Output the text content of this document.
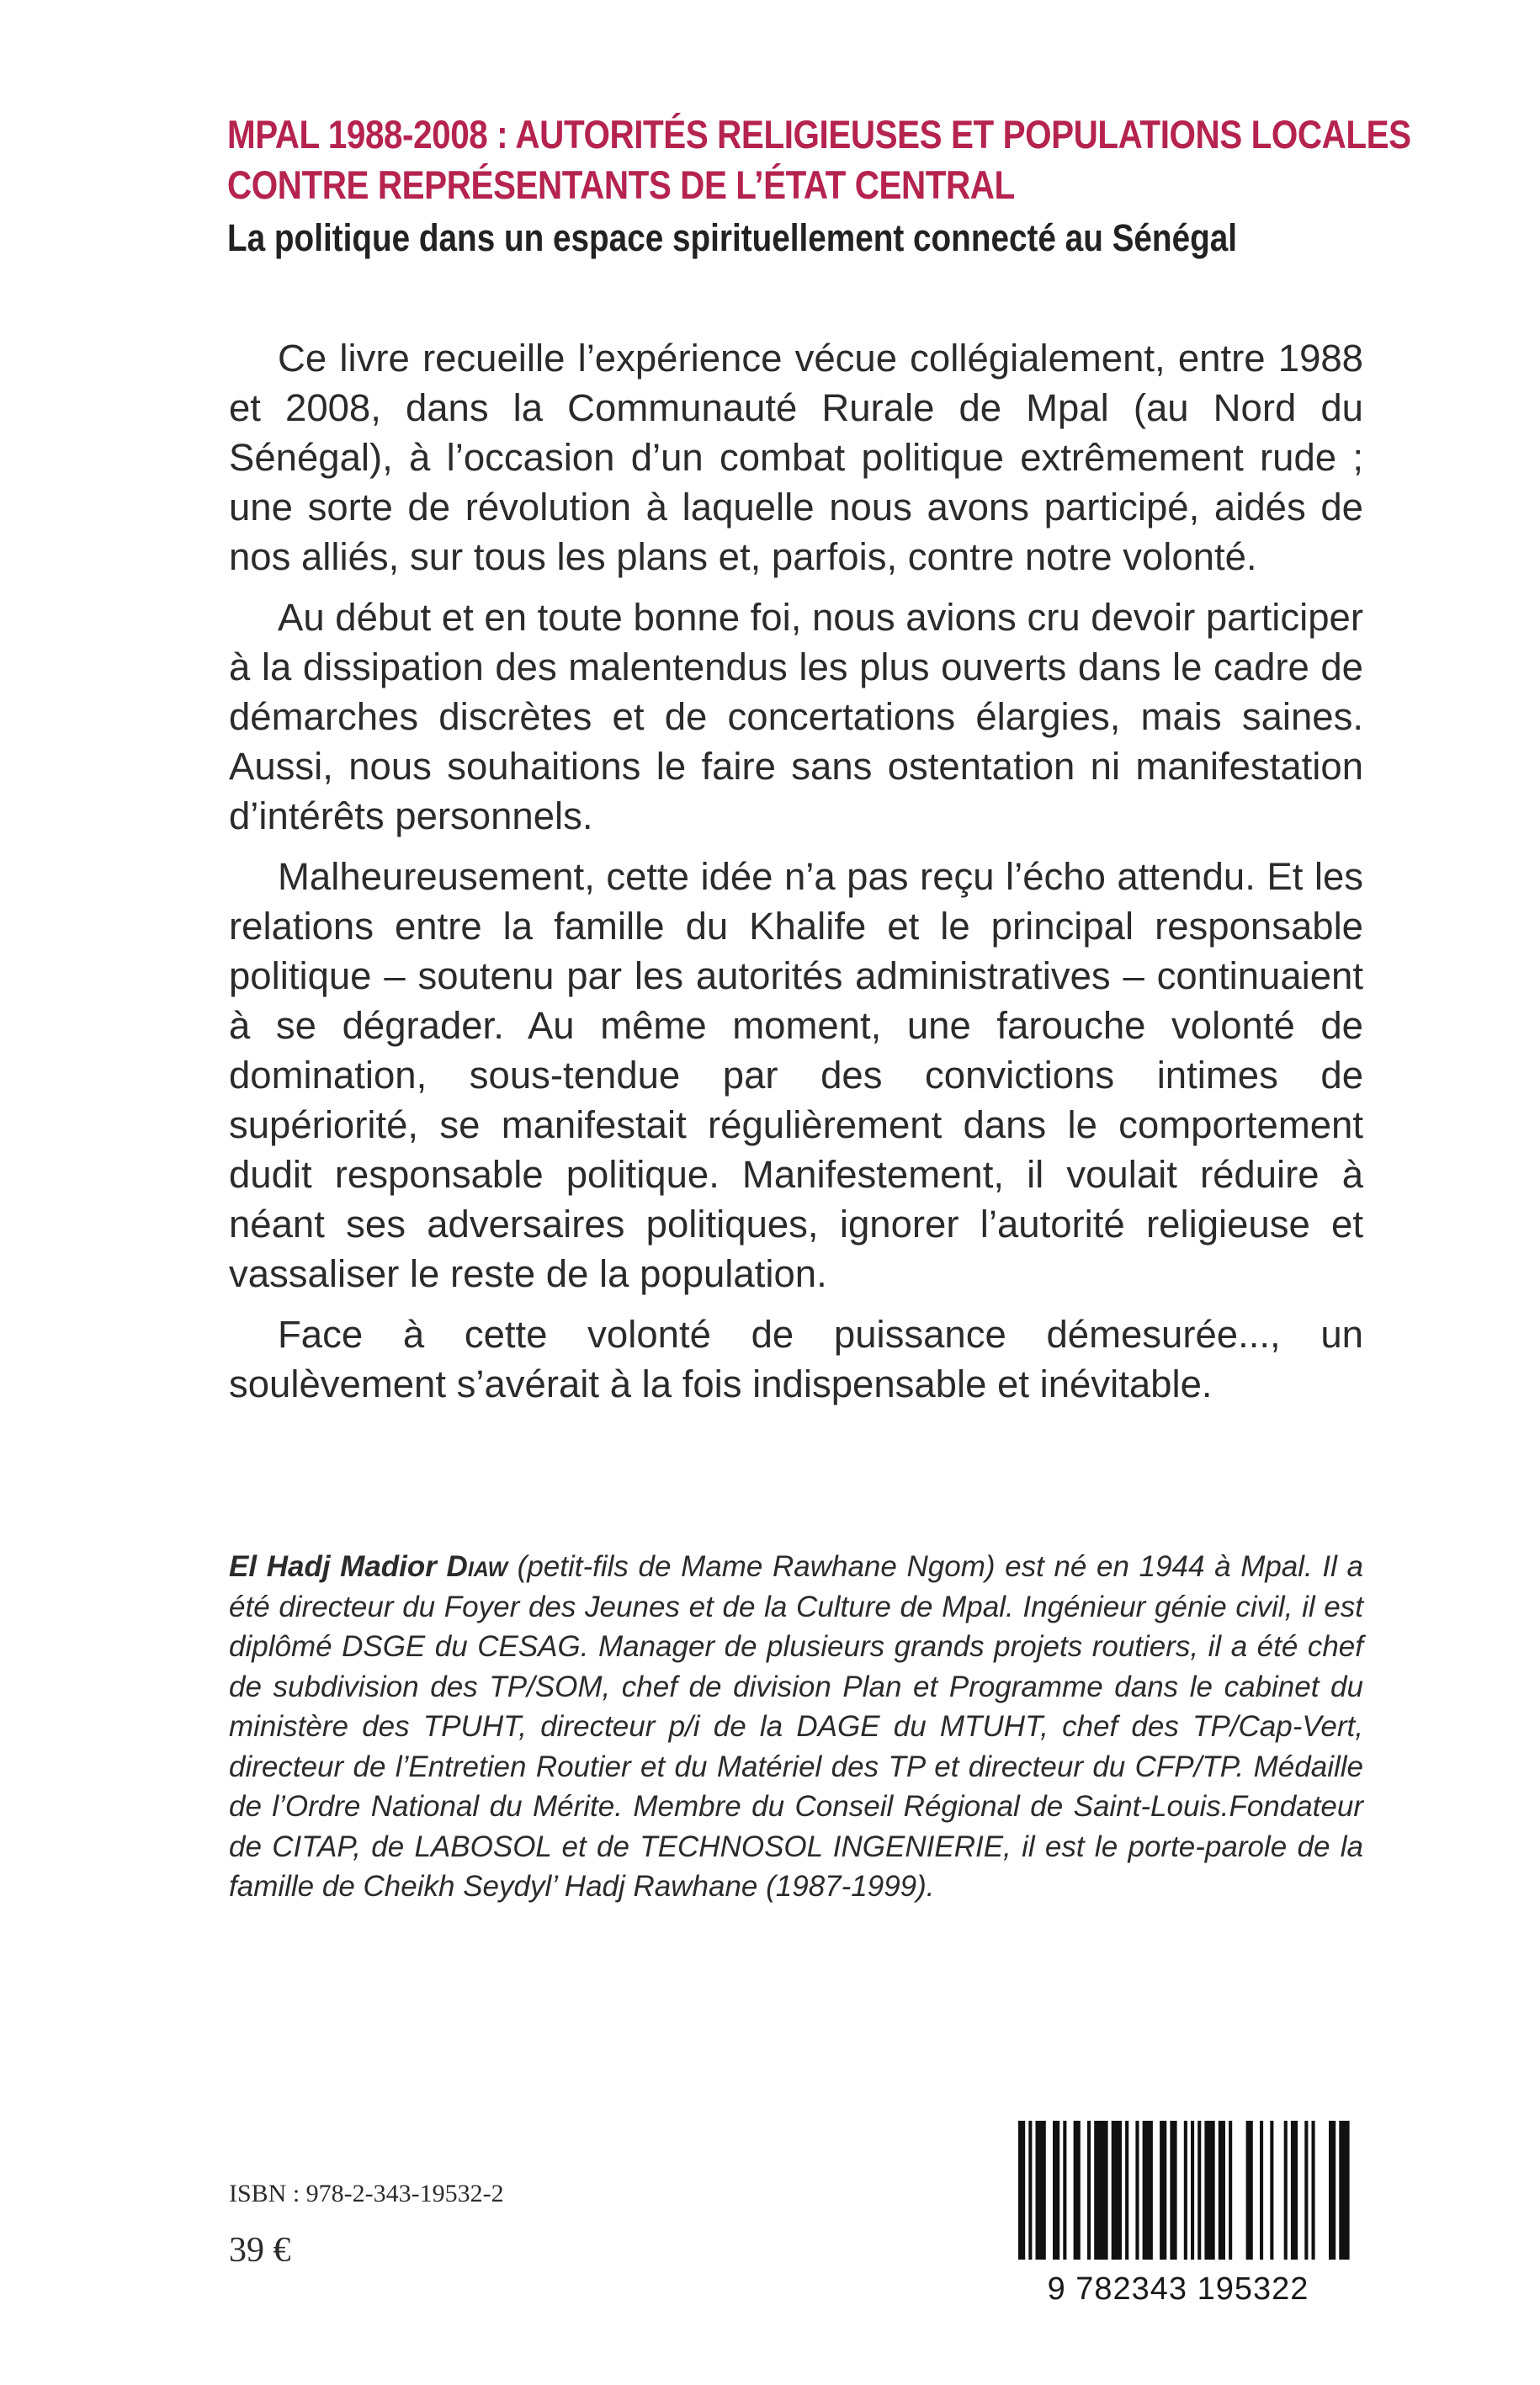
MPAL 1988-2008 : AUTORITÉS RELIGIEUSES ET POPULATIONS LOCALES
CONTRE REPRÉSENTANTS DE L’ÉTAT CENTRAL
La politique dans un espace spirituellement connecté au Sénégal

Ce livre recueille l’expérience vécue collégialement, entre 1988 et 2008, dans la Communauté Rurale de Mpal (au Nord du Sénégal), à l’occasion d’un combat politique extrêmement rude ; une sorte de révolution à laquelle nous avons participé, aidés de nos alliés, sur tous les plans et, parfois, contre notre volonté.

Au début et en toute bonne foi, nous avions cru devoir participer à la dissipation des malentendus les plus ouverts dans le cadre de démarches discrètes et de concertations élargies, mais saines. Aussi, nous souhaitions le faire sans ostentation ni manifestation d’intérêts personnels.

Malheureusement, cette idée n’a pas reçu l’écho attendu. Et les relations entre la famille du Khalife et le principal responsable politique – soutenu par les autorités administratives – continuaient à se dégrader. Au même moment, une farouche volonté de domination, sous-tendue par des convictions intimes de supériorité, se manifestait régulièrement dans le comportement dudit responsable politique. Manifestement, il voulait réduire à néant ses adversaires politiques, ignorer l’autorité religieuse et vassaliser le reste de la population.

Face à cette volonté de puissance démesurée..., un soulèvement s’avérait à la fois indispensable et inévitable.

El Hadj Madior Diaw (petit-fils de Mame Rawhane Ngom) est né en 1944 à Mpal. Il a été directeur du Foyer des Jeunes et de la Culture de Mpal. Ingénieur génie civil, il est diplômé DSGE du CESAG. Manager de plusieurs grands projets routiers, il a été chef de subdivision des TP/SOM, chef de division Plan et Programme dans le cabinet du ministère des TPUHT, directeur p/i de la DAGE du MTUHT, chef des TP/Cap-Vert, directeur de l’Entretien Routier et du Matériel des TP et directeur du CFP/TP. Médaille de l’Ordre National du Mérite. Membre du Conseil Régional de Saint-Louis.Fondateur de CITAP, de LABOSOL et de TECHNOSOL INGENIERIE, il est le porte-parole de la famille de Cheikh Seydyl’ Hadj Rawhane (1987-1999).

ISBN : 978-2-343-19532-2
39 €
9 782343 195322
